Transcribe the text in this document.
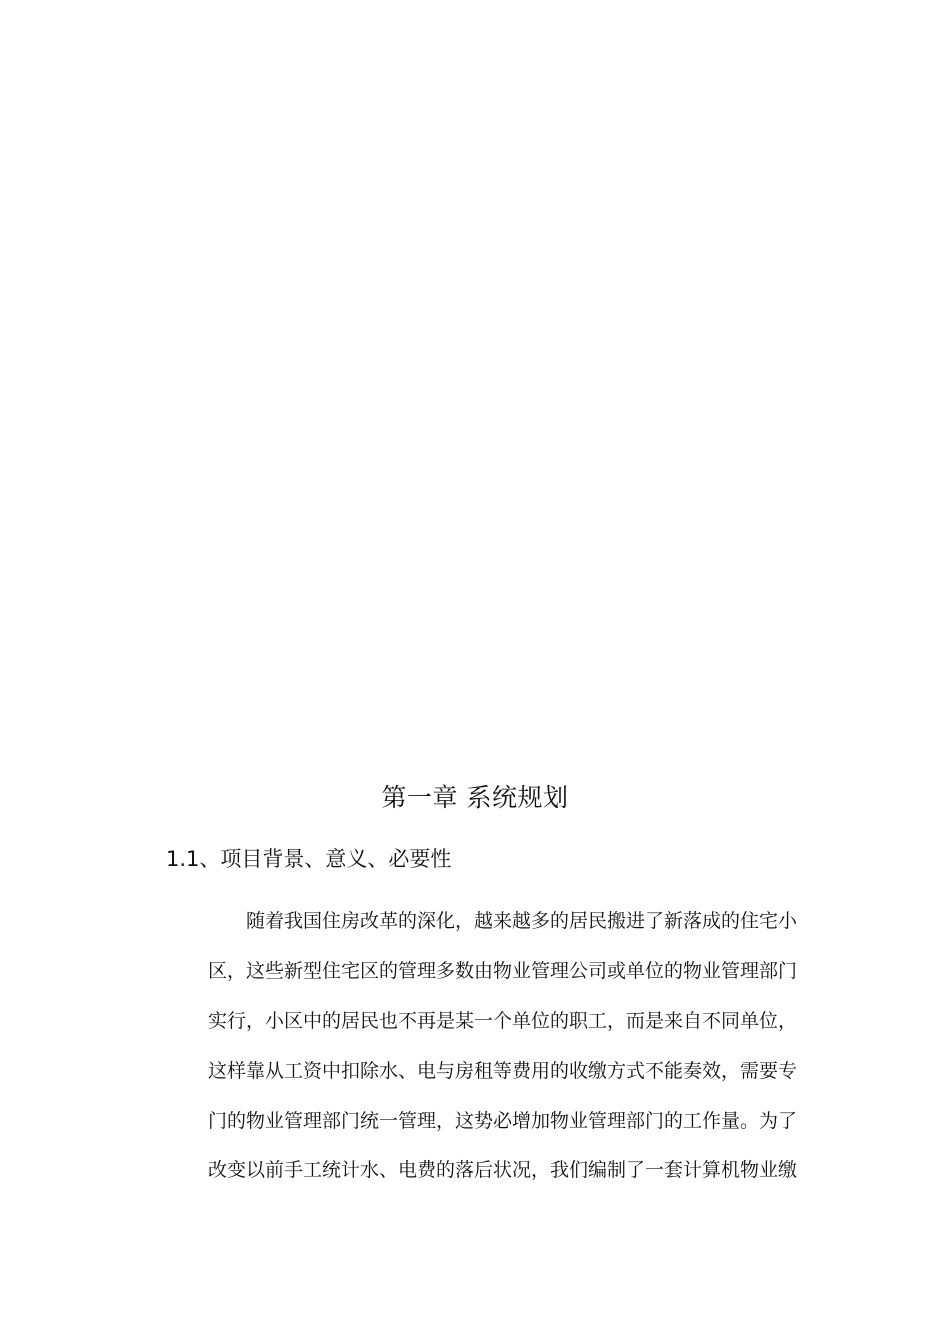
第一章 系统规划
1.1、项目背景、意义、必要性
随着我国住房改革的深化，越来越多的居民搬进了新落成的住宅小
区，这些新型住宅区的管理多数由物业管理公司或单位的物业管理部门
实行，小区中的居民也不再是某一个单位的职工，而是来自不同单位，
这样靠从工资中扣除水、电与房租等费用的收缴方式不能奏效，需要专
门的物业管理部门统一管理，这势必增加物业管理部门的工作量。为了
改变以前手工统计水、电费的落后状况，我们编制了一套计算机物业缴
